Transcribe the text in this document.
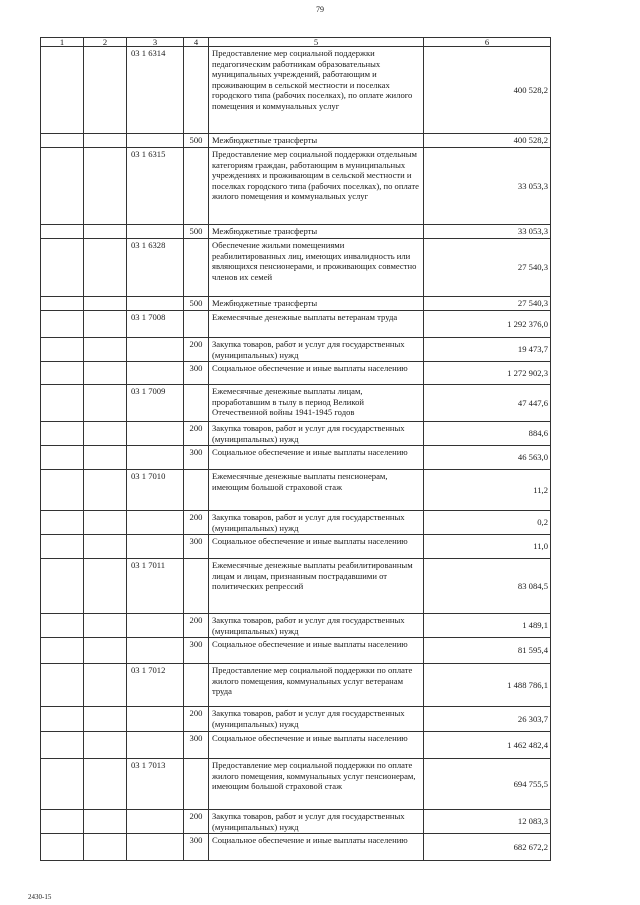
79
1	2	3	4	5	6
		03 1 6314		Предоставление мер социальной поддержки педагогическим работникам образовательных муниципальных учреждений, работающим и проживающим в сельской местности и поселках городского типа (рабочих поселках), по оплате жилого помещения и коммунальных услуг	400 528,2
			500	Межбюджетные трансферты	400 528,2
		03 1 6315		Предоставление мер социальной поддержки отдельным категориям граждан, работающим в муниципальных учреждениях и проживающим в сельской местности и поселках городского типа (рабочих поселках), по оплате жилого помещения и коммунальных услуг	33 053,3
			500	Межбюджетные трансферты	33 053,3
		03 1 6328		Обеспечение жильми помещениями реабилитированных лиц, имеющих инвалидность или являющихся пенсионерами, и проживающих совместно членов их семей	27 540,3
			500	Межбюджетные трансферты	27 540,3
		03 1 7008		Ежемесячные денежные выплаты ветеранам труда	1 292 376,0
			200	Закупка товаров, работ и услуг для государственных (муниципальных) нужд	19 473,7
			300	Социальное обеспечение и иные выплаты населению	1 272 902,3
		03 1 7009		Ежемесячные денежные выплаты лицам, проработавшим в тылу в период Великой Отечественной войны 1941-1945 годов	47 447,6
			200	Закупка товаров, работ и услуг для государственных (муниципальных) нужд	884,6
			300	Социальное обеспечение и иные выплаты населению	46 563,0
		03 1 7010		Ежемесячные денежные выплаты пенсионерам, имеющим большой страховой стаж	11,2
			200	Закупка товаров, работ и услуг для государственных (муниципальных) нужд	0,2
			300	Социальное обеспечение и иные выплаты населению	11,0
		03 1 7011		Ежемесячные денежные выплаты реабилитированным лицам и лицам, признанным пострадавшими от политических репрессий	83 084,5
			200	Закупка товаров, работ и услуг для государственных (муниципальных) нужд	1 489,1
			300	Социальное обеспечение и иные выплаты населению	81 595,4
		03 1 7012		Предоставление мер социальной поддержки по оплате жилого помещения, коммунальных услуг ветеранам труда	1 488 786,1
			200	Закупка товаров, работ и услуг для государственных (муниципальных) нужд	26 303,7
			300	Социальное обеспечение и иные выплаты населению	1 462 482,4
		03 1 7013		Предоставление мер социальной поддержки по оплате жилого помещения, коммунальных услуг пенсионерам, имеющим большой страховой стаж	694 755,5
			200	Закупка товаров, работ и услуг для государственных (муниципальных) нужд	12 083,3
			300	Социальное обеспечение и иные выплаты населению	682 672,2
2430-15
